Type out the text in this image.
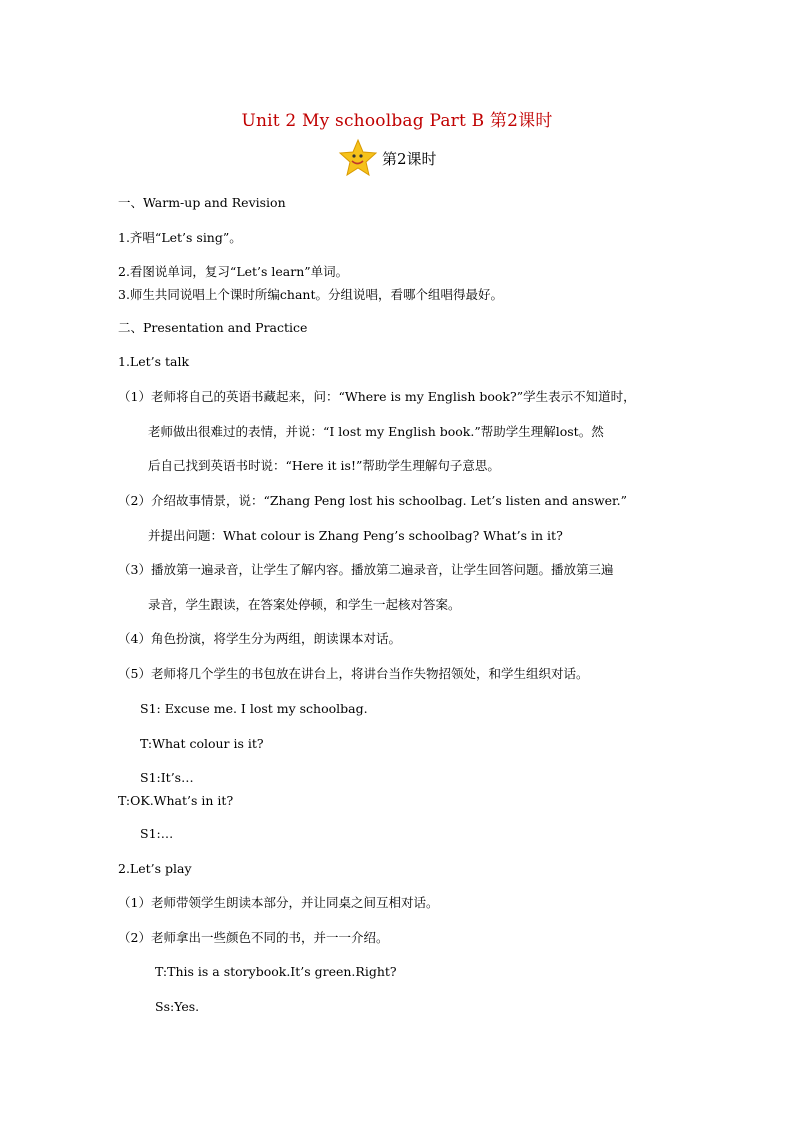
Unit 2 My schoolbag Part B 第2课时
第2课时
一、Warm-up and Revision
1.齐唱“Let’s sing”。
2.看图说单词，复习“Let’s learn”单词。
3.师生共同说唱上个课时所编chant。分组说唱，看哪个组唱得最好。
二、Presentation and Practice
1.Let’s talk
（1）老师将自己的英语书藏起来，问：“Where is my English book?”学生表示不知道时，
老师做出很难过的表情，并说：“I lost my English book.”帮助学生理解lost。然
后自己找到英语书时说：“Here it is!”帮助学生理解句子意思。
（2）介绍故事情景，说：“Zhang Peng lost his schoolbag. Let’s listen and answer.”
并提出问题：What colour is Zhang Peng’s schoolbag? What’s in it?
（3）播放第一遍录音，让学生了解内容。播放第二遍录音，让学生回答问题。播放第三遍
录音，学生跟读，在答案处停顿，和学生一起核对答案。
（4）角色扮演，将学生分为两组，朗读课本对话。
（5）老师将几个学生的书包放在讲台上，将讲台当作失物招领处，和学生组织对话。
S1: Excuse me. I lost my schoolbag.
T:What colour is it?
S1:It’s…
T:OK.What’s in it?
S1:…
2.Let’s play
（1）老师带领学生朗读本部分，并让同桌之间互相对话。
（2）老师拿出一些颜色不同的书，并一一介绍。
T:This is a storybook.It’s green.Right?
Ss:Yes.
